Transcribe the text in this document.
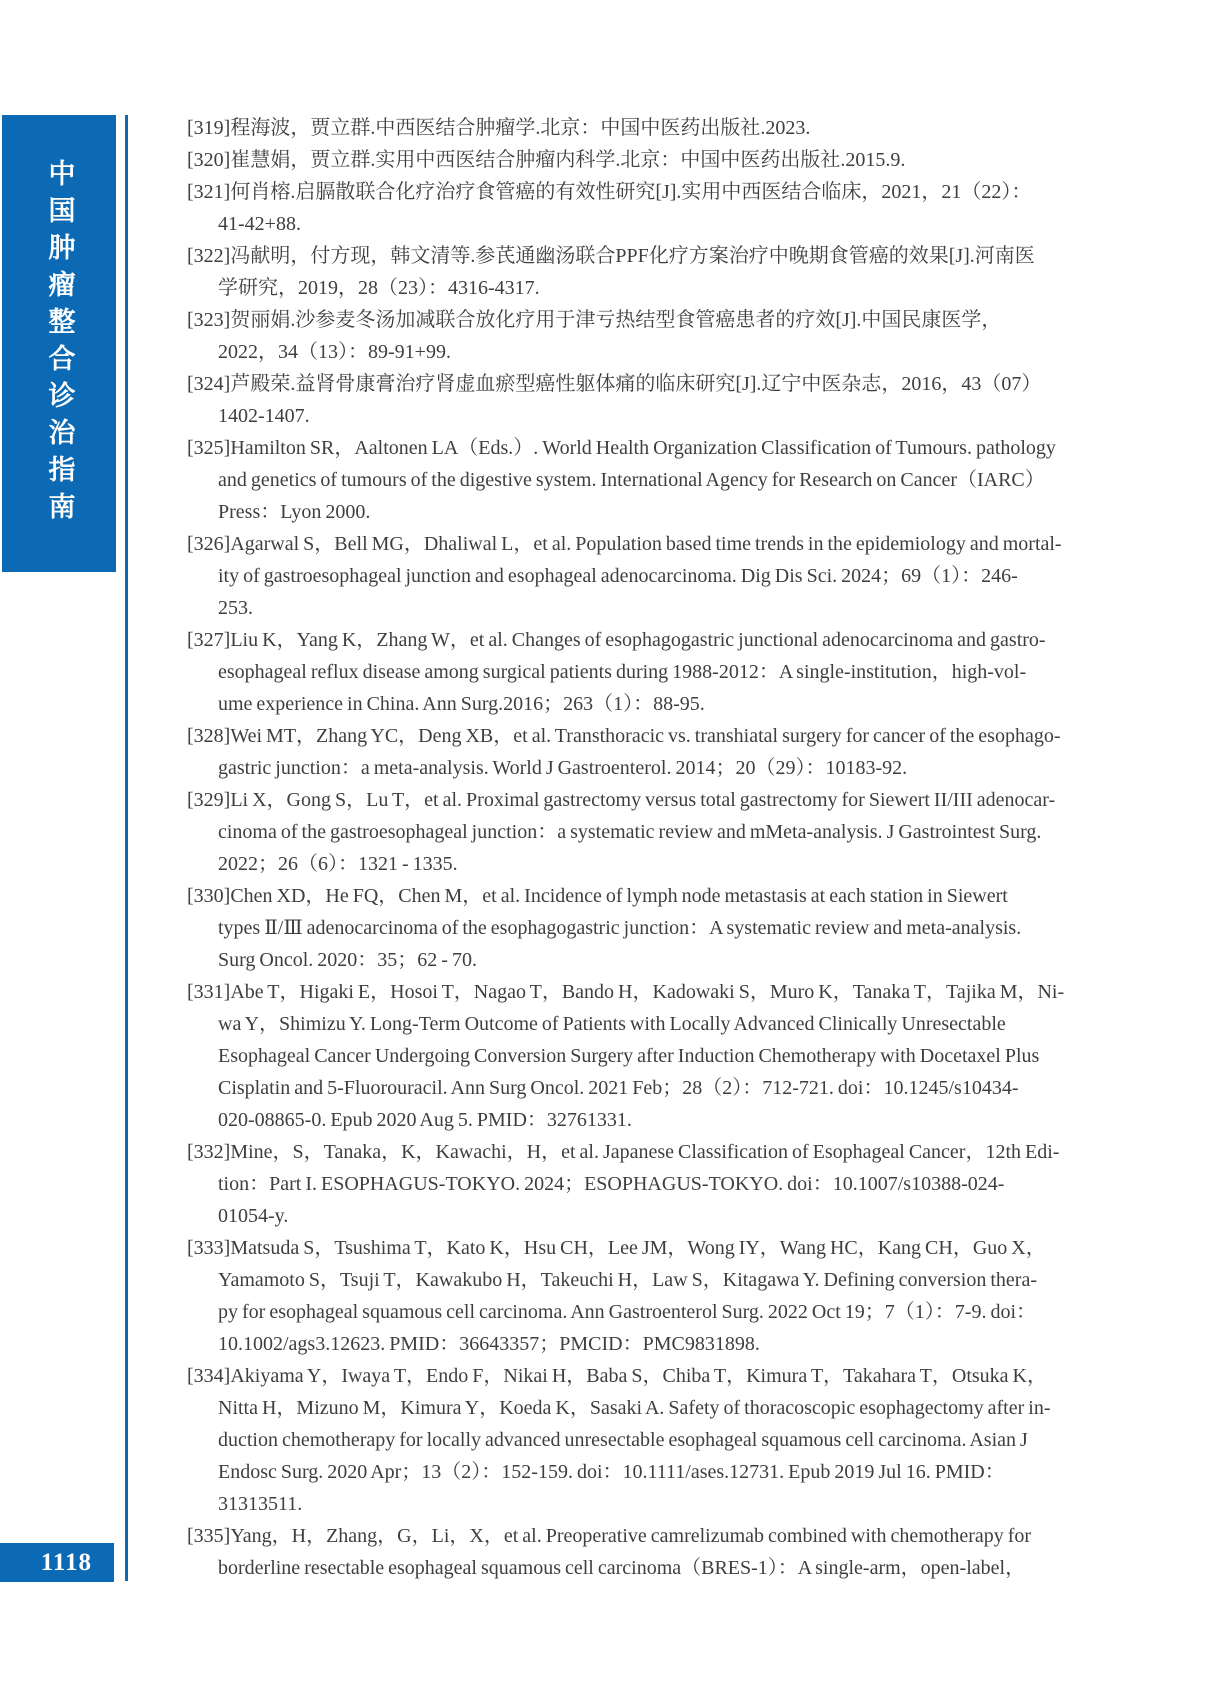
中国肿瘤整合诊治指南
1118
[319]程海波，贾立群.中西医结合肿瘤学.北京：中国中医药出版社.2023.
[320]崔慧娟，贾立群.实用中西医结合肿瘤内科学.北京：中国中医药出版社.2015.9.
[321]何肖榕.启膈散联合化疗治疗食管癌的有效性研究[J].实用中西医结合临床，2021，21（22）：
41-42+88.
[322]冯献明，付方现，韩文清等.参芪通幽汤联合PPF化疗方案治疗中晚期食管癌的效果[J].河南医
学研究，2019，28（23）：4316-4317.
[323]贺丽娟.沙参麦冬汤加减联合放化疗用于津亏热结型食管癌患者的疗效[J].中国民康医学，
2022，34（13）：89-91+99.
[324]芦殿荣.益肾骨康膏治疗肾虚血瘀型癌性躯体痛的临床研究[J].辽宁中医杂志，2016，43（07）
1402-1407.
[325]Hamilton SR，Aaltonen LA（Eds.）. World Health Organization Classification of Tumours. pathology
and genetics of tumours of the digestive system. International Agency for Research on Cancer（IARC）
Press：Lyon 2000.
[326]Agarwal S，Bell MG，Dhaliwal L，et al. Population based time trends in the epidemiology and mortal-
ity of gastroesophageal junction and esophageal adenocarcinoma. Dig Dis Sci. 2024；69（1）：246-
253.
[327]Liu K，Yang K，Zhang W，et al. Changes of esophagogastric junctional adenocarcinoma and gastro-
esophageal reflux disease among surgical patients during 1988-2012：A single-institution，high-vol-
ume experience in China. Ann Surg.2016；263（1）：88-95.
[328]Wei MT，Zhang YC，Deng XB，et al. Transthoracic vs. transhiatal surgery for cancer of the esophago-
gastric junction：a meta-analysis. World J Gastroenterol. 2014；20（29）：10183-92.
[329]Li X，Gong S，Lu T，et al. Proximal gastrectomy versus total gastrectomy for Siewert II/III adenocar-
cinoma of the gastroesophageal junction：a systematic review and mMeta-analysis. J Gastrointest Surg.
2022；26（6）：1321 - 1335.
[330]Chen XD，He FQ，Chen M，et al. Incidence of lymph node metastasis at each station in Siewert
types Ⅱ/Ⅲ adenocarcinoma of the esophagogastric junction：A systematic review and meta-analysis.
Surg Oncol. 2020：35；62 - 70.
[331]Abe T，Higaki E，Hosoi T，Nagao T，Bando H，Kadowaki S，Muro K，Tanaka T，Tajika M，Ni-
wa Y，Shimizu Y. Long-Term Outcome of Patients with Locally Advanced Clinically Unresectable
Esophageal Cancer Undergoing Conversion Surgery after Induction Chemotherapy with Docetaxel Plus
Cisplatin and 5-Fluorouracil. Ann Surg Oncol. 2021 Feb；28（2）：712-721. doi：10.1245/s10434-
020-08865-0. Epub 2020 Aug 5. PMID：32761331.
[332]Mine，S，Tanaka，K，Kawachi，H，et al. Japanese Classification of Esophageal Cancer，12th Edi-
tion：Part I. ESOPHAGUS-TOKYO. 2024；ESOPHAGUS-TOKYO. doi：10.1007/s10388-024-
01054-y.
[333]Matsuda S，Tsushima T，Kato K，Hsu CH，Lee JM，Wong IY，Wang HC，Kang CH，Guo X，
Yamamoto S，Tsuji T，Kawakubo H，Takeuchi H，Law S，Kitagawa Y. Defining conversion thera-
py for esophageal squamous cell carcinoma. Ann Gastroenterol Surg. 2022 Oct 19；7（1）：7-9. doi：
10.1002/ags3.12623. PMID：36643357；PMCID：PMC9831898.
[334]Akiyama Y，Iwaya T，Endo F，Nikai H，Baba S，Chiba T，Kimura T，Takahara T，Otsuka K，
Nitta H，Mizuno M，Kimura Y，Koeda K，Sasaki A. Safety of thoracoscopic esophagectomy after in-
duction chemotherapy for locally advanced unresectable esophageal squamous cell carcinoma. Asian J
Endosc Surg. 2020 Apr；13（2）：152-159. doi：10.1111/ases.12731. Epub 2019 Jul 16. PMID：
31313511.
[335]Yang，H，Zhang，G，Li，X，et al. Preoperative camrelizumab combined with chemotherapy for
borderline resectable esophageal squamous cell carcinoma（BRES-1）：A single-arm，open-label，
